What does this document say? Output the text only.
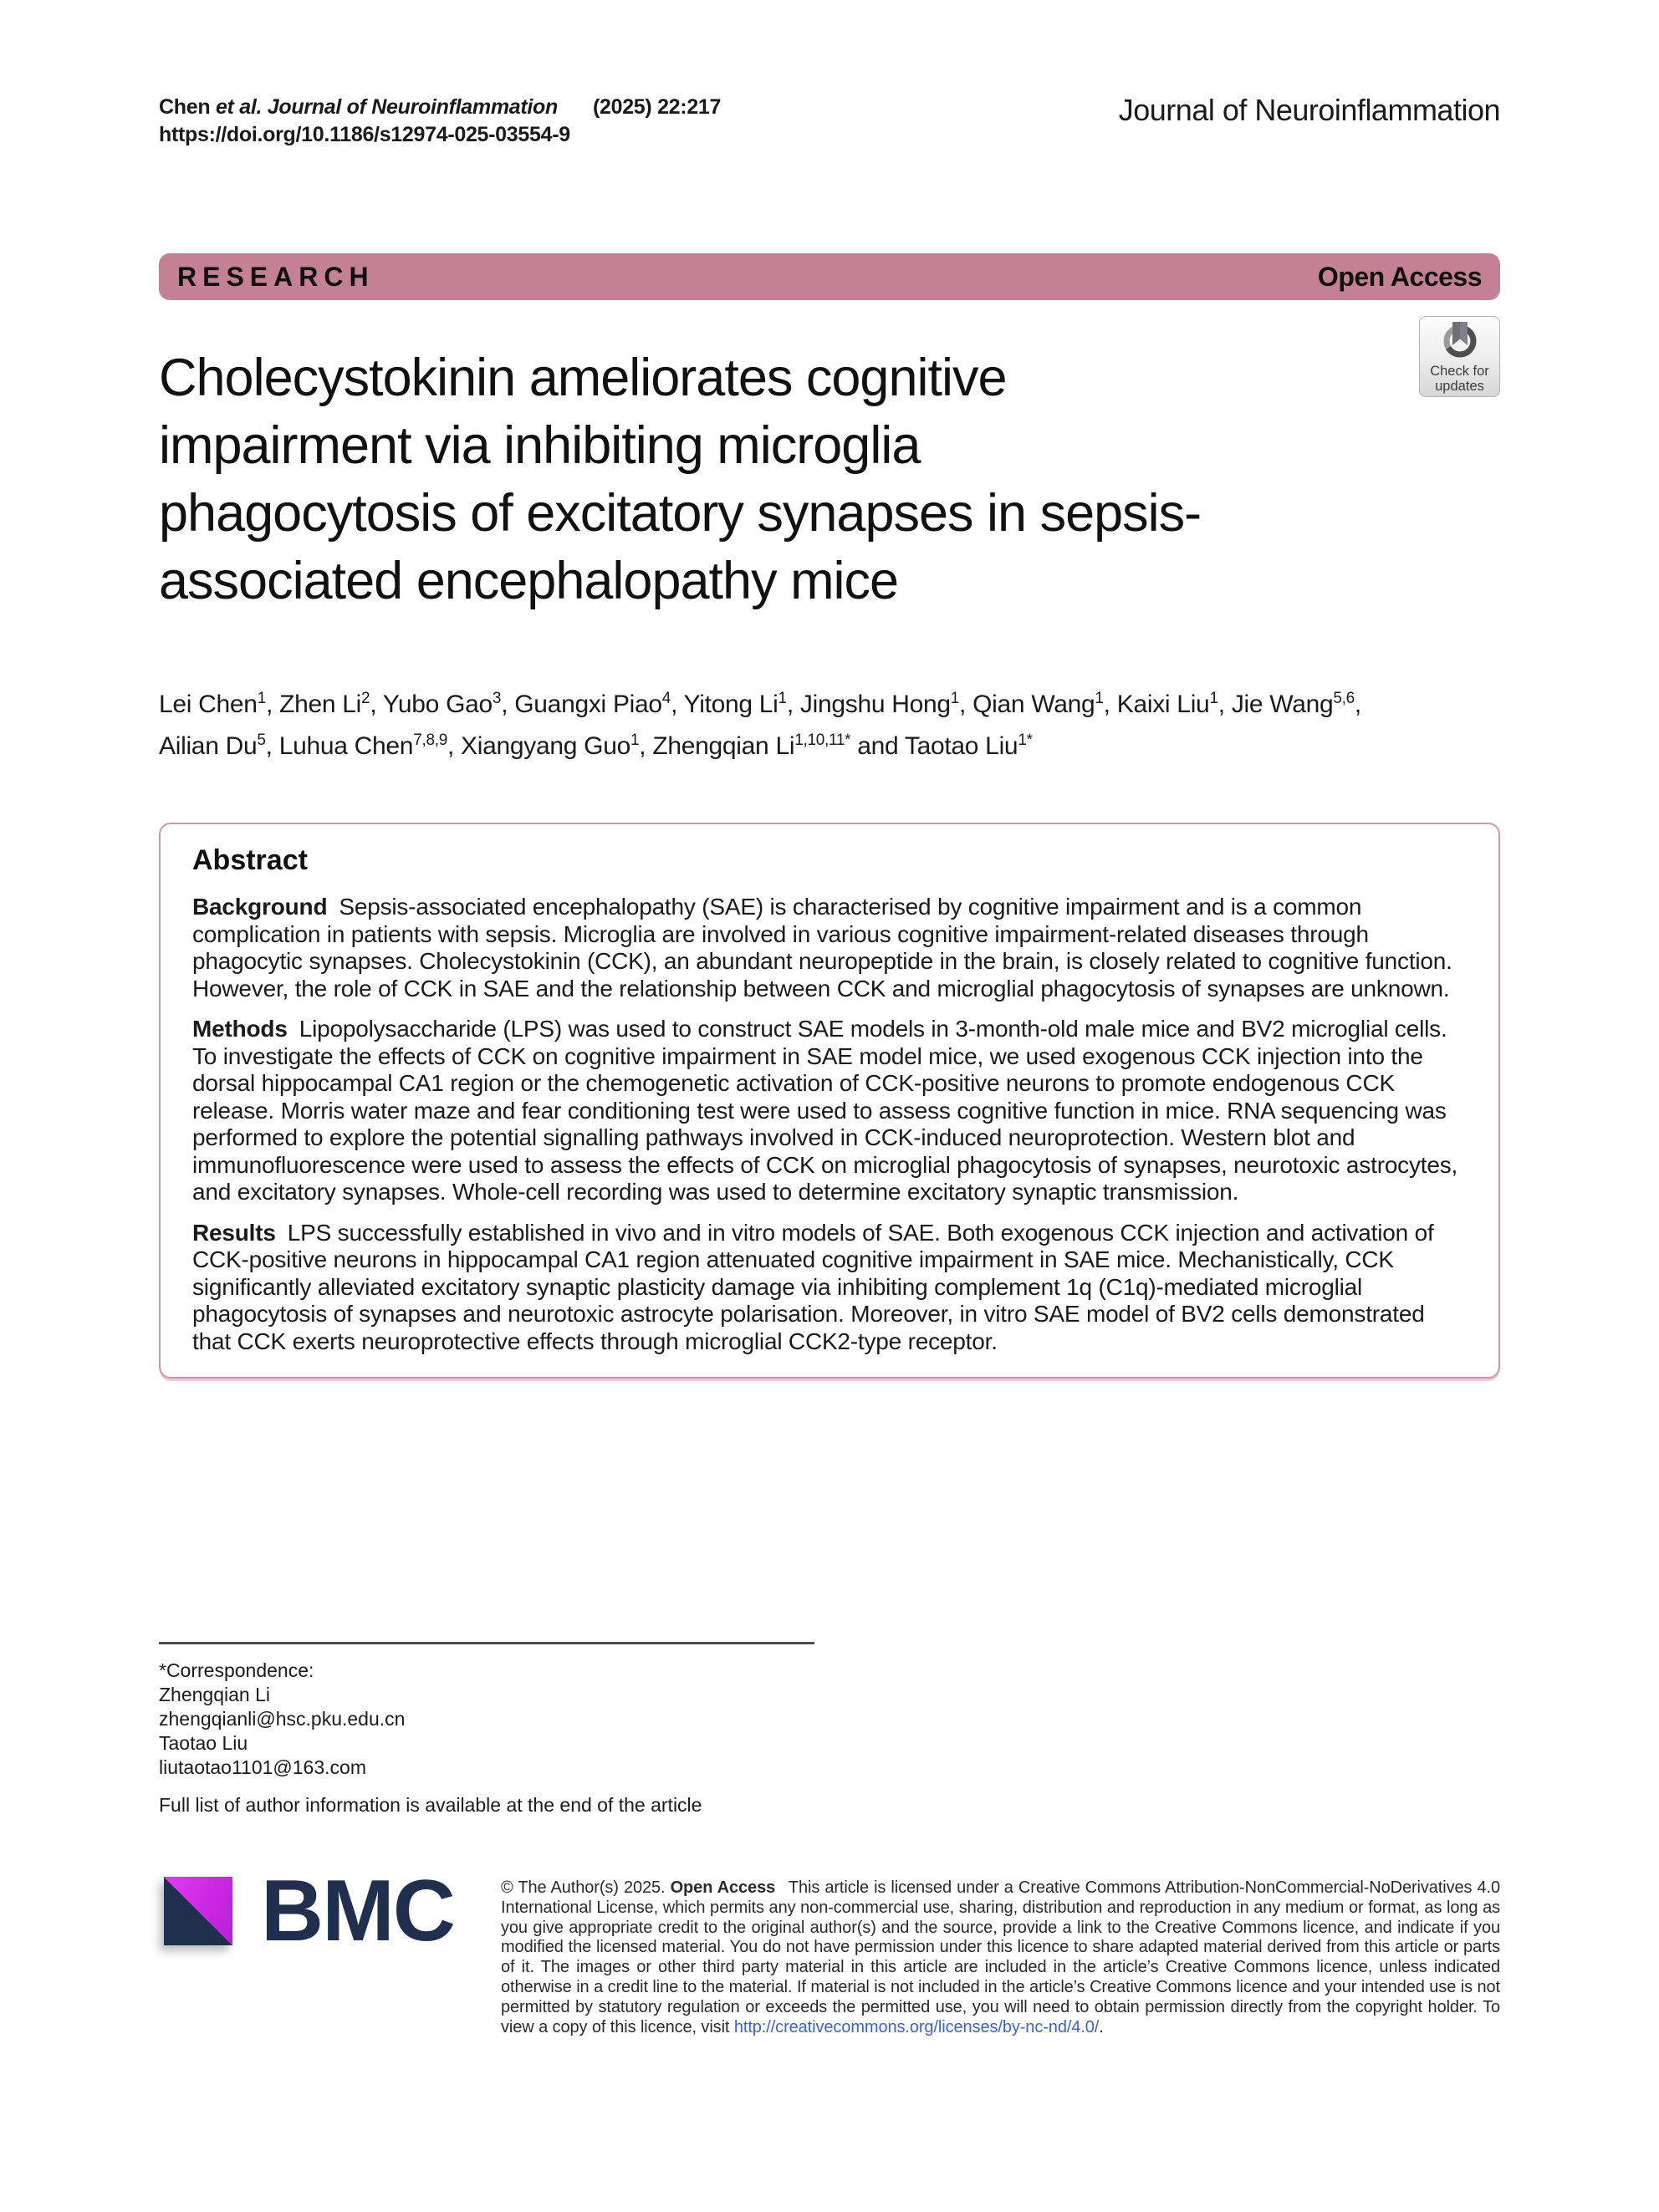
Chen et al. Journal of Neuroinflammation (2025) 22:217
https://doi.org/10.1186/s12974-025-03554-9
Journal of Neuroinflammation
RESEARCH	Open Access
Check for
updates
Cholecystokinin ameliorates cognitive
impairment via inhibiting microglia
phagocytosis of excitatory synapses in sepsis-
associated encephalopathy mice
Lei Chen$^1$, Zhen Li$^2$, Yubo Gao$^3$, Guangxi Piao$^4$, Yitong Li$^1$, Jingshu Hong$^1$, Qian Wang$^1$, Kaixi Liu$^1$, Jie Wang$^{5,6}$,
Ailian Du$^5$, Luhua Chen$^{7,8,9}$, Xiangyang Guo$^1$, Zhengqian $Li^{1,10,11*}$ and Taotao Liu$^{1*}$
Abstract

Background Sepsis-associated encephalopathy (SAE) is characterised by cognitive impairment and is a common complication in patients with sepsis. Microglia are involved in various cognitive impairment-related diseases through phagocytic synapses. Cholecystokinin (CCK), an abundant neuropeptide in the brain, is closely related to cognitive function. However, the role of CCK in SAE and the relationship between CCK and microglial phagocytosis of synapses are unknown.

Methods Lipopolysaccharide (LPS) was used to construct SAE models in 3-month-old male mice and BV2 microglial cells. To investigate the effects of CCK on cognitive impairment in SAE model mice, we used exogenous CCK injection into the dorsal hippocampal CA1 region or the chemogenetic activation of CCK-positive neurons to promote endogenous CCK release. Morris water maze and fear conditioning test were used to assess cognitive function in mice. RNA sequencing was performed to explore the potential signalling pathways involved in CCK-induced neuroprotection. Western blot and immunofluorescence were used to assess the effects of CCK on microglial phagocytosis of synapses, neurotoxic astrocytes, and excitatory synapses. Whole-cell recording was used to determine excitatory synaptic transmission.

Results LPS successfully established in vivo and in vitro models of SAE. Both exogenous CCK injection and activation of CCK-positive neurons in hippocampal CA1 region attenuated cognitive impairment in SAE mice. Mechanistically, CCK significantly alleviated excitatory synaptic plasticity damage via inhibiting complement 1q (C1q)-mediated microglial phagocytosis of synapses and neurotoxic astrocyte polarisation. Moreover, in vitro SAE model of BV2 cells demonstrated that CCK exerts neuroprotective effects through microglial CCK2-type receptor.

*Correspondence:
Zhengqian Li
zhengqianli@hsc.pku.edu.cn
Taotao Liu
liutaotao1101@163.com
Full list of author information is available at the end of the article
BMC	© The Author(s) 2025. Open Access This article is licensed under a Creative Commons Attribution-NonCommercial-NoDerivatives 4.0 International License, which permits any non-commercial use, sharing, distribution and reproduction in any medium or format, as long as you give appropriate credit to the original author(s) and the source, provide a link to the Creative Commons licence, and indicate if you modified the licensed material. You do not have permission under this licence to share adapted material derived from this article or parts of it. The images or other third party material in this article are included in the article’s Creative Commons licence, unless indicated otherwise in a credit line to the material. If material is not included in the article’s Creative Commons licence and your intended use is not permitted by statutory regulation or exceeds the permitted use, you will need to obtain permission directly from the copyright holder. To view a copy of this licence, visit http://creativecommons.org/licenses/by-nc-nd/4.0/.
